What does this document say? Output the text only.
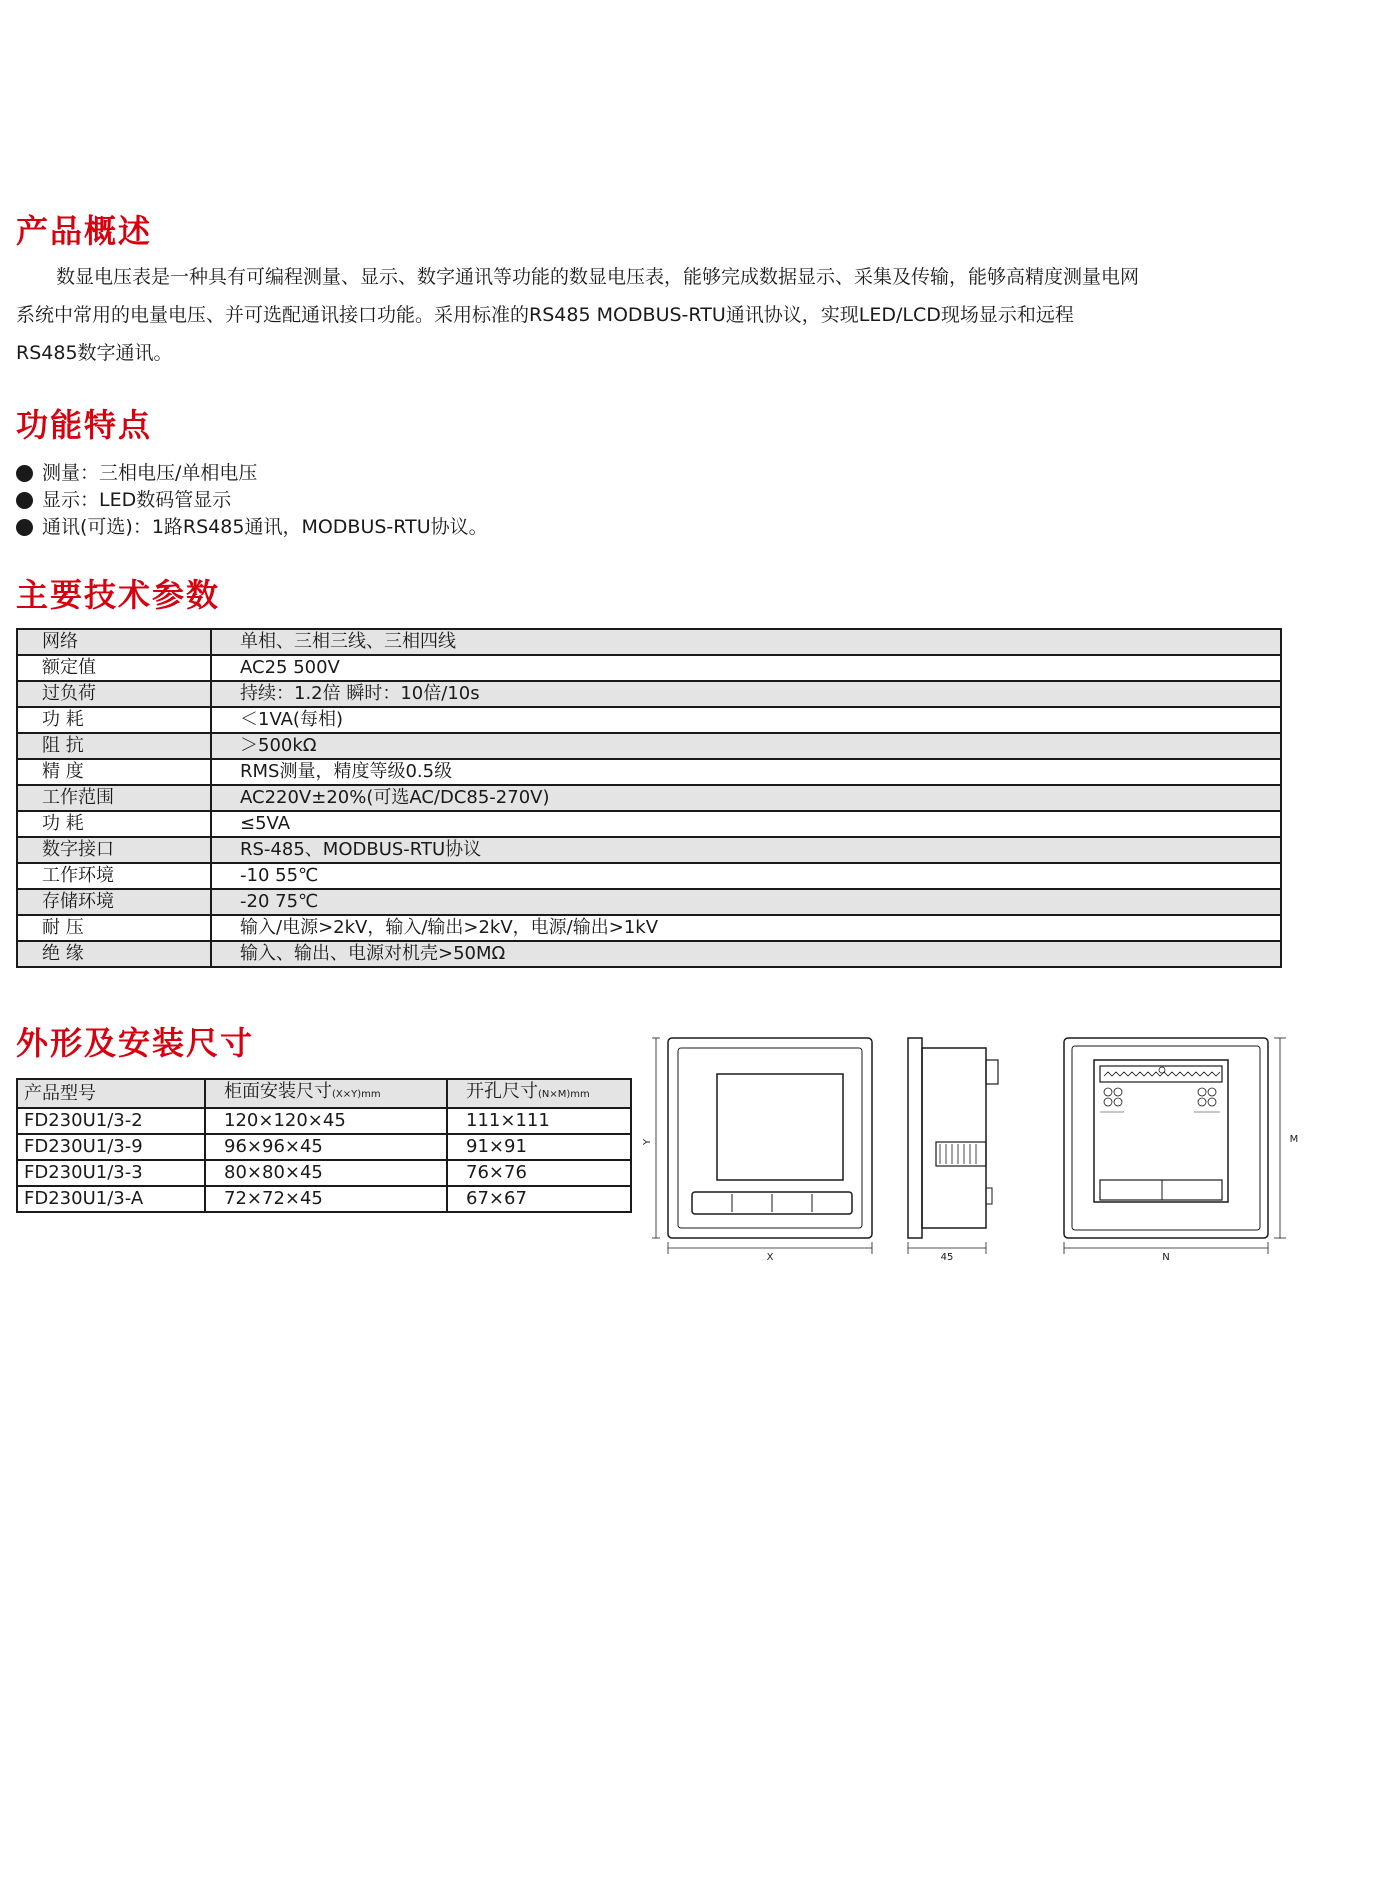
产品概述

数显电压表是一种具有可编程测量、显示、数字通讯等功能的数显电压表，能够完成数据显示、采集及传输，能够高精度测量电网
系统中常用的电量电压、并可选配通讯接口功能。采用标准的RS485 MODBUS-RTU通讯协议，实现LED/LCD现场显示和远程
RS485数字通讯。

功能特点
测量：三相电压/单相电压
显示：LED数码管显示
通讯(可选)：1路RS485通讯，MODBUS-RTU协议。
主要技术参数
网络	单相、三相三线、三相四线
额定值	AC25 500V
过负荷	持续：1.2倍 瞬时：10倍/10s
功 耗	＜1VA(每相)
阻 抗	＞500kΩ
精 度	RMS测量，精度等级0.5级
工作范围	AC220V±20%(可选AC/DC85-270V)
功 耗	≤5VA
数字接口	RS-485、MODBUS-RTU协议
工作环境	-10 55℃
存储环境	-20 75℃
耐 压	输入/电源>2kV，输入/输出>2kV，电源/输出>1kV
绝 缘	输入、输出、电源对机壳>50MΩ
外形及安装尺寸
产品型号	柜面安装尺寸(X×Y)mm	开孔尺寸(N×M)mm
FD230U1/3-2	120×120×45	111×111
FD230U1/3-9	96×96×45	91×91
FD230U1/3-3	80×80×45	76×76
FD230U1/3-A	72×72×45	67×67
Y
X	45
M
N
